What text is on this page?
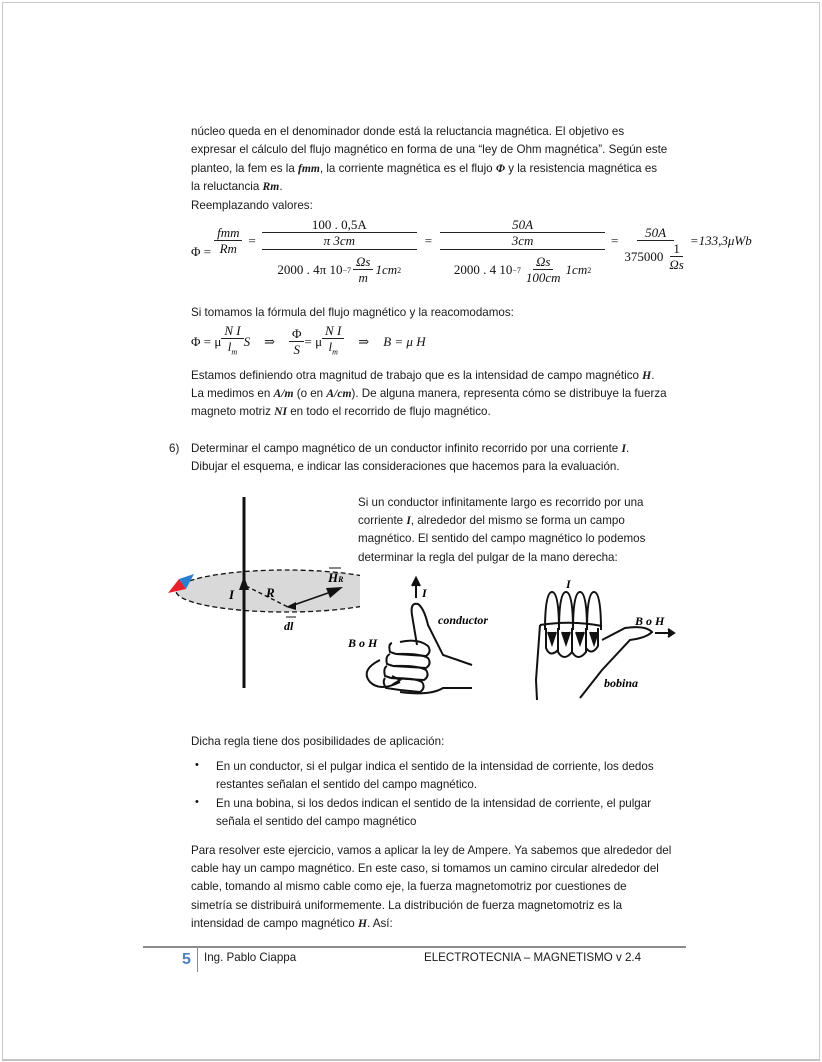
núcleo queda en el denominador donde está la reluctancia magnética. El objetivo es
expresar el cálculo del flujo magnético en forma de una “ley de Ohm magnética”. Según este
planteo, la fem es la fmm, la corriente magnética es el flujo Φ y la resistencia magnética es
la reluctancia Rm.
Reemplazando valores:
$\Phi = \frac{\text{fmm}}{Rm} = \frac{\frac{100 . 0,5A}{\pi 3cm}}{2000 . 4\pi 10 -7 \frac{\Omega s}{m} 1cm 2} = \frac{\frac{50A}{3cm}}{2000 . 4 10 -7 \frac{\Omega s}{100cm} 1cm 2} = \frac{50A}{375000 \frac{1}{\Omega s}} =133,3\mu Wb$
Si tomamos la fórmula del flujo magnético y la reacomodamos:
Φ = μ $\frac{\text{N I}}{l_m}$ S ⇒ $\frac{\Phi}{S} = \mu \frac{\text{N I}}{l_m}$ ⇒ B = μ H
Estamos definiendo otra magnitud de trabajo que es la intensidad de campo magnético H.
La medimos en A/m (o en A/cm). De alguna manera, representa cómo se distribuye la fuerza
magneto motriz NI en todo el recorrido de flujo magnético.
6) Determinar el campo magnético de un conductor infinito recorrido por una corriente I.
Dibujar el esquema, e indicar las consideraciones que hacemos para la evaluación.
Si un conductor infinitamente largo es recorrido por una
corriente I, alrededor del mismo se forma un campo
magnético. El sentido del campo magnético lo podemos
determinar la regla del pulgar de la mano derecha:
I R
HR
dl
I
conductor
B o H
I
B o H
bobina
Dicha regla tiene dos posibilidades de aplicación:
• En un conductor, si el pulgar indica el sentido de la intensidad de corriente, los dedos
restantes señalan el sentido del campo magnético.
• En una bobina, si los dedos indican el sentido de la intensidad de corriente, el pulgar
señala el sentido del campo magnético
Para resolver este ejercicio, vamos a aplicar la ley de Ampere. Ya sabemos que alrededor del
cable hay un campo magnético. En este caso, si tomamos un camino circular alrededor del
cable, tomando al mismo cable como eje, la fuerza magnetomotriz por cuestiones de
simetría se distribuirá uniformemente. La distribución de fuerza magnetomotriz es la
intensidad de campo magnético H. Así:
5 Ing. Pablo Ciappa	ELECTROTECNIA – MAGNETISMO v 2.4
